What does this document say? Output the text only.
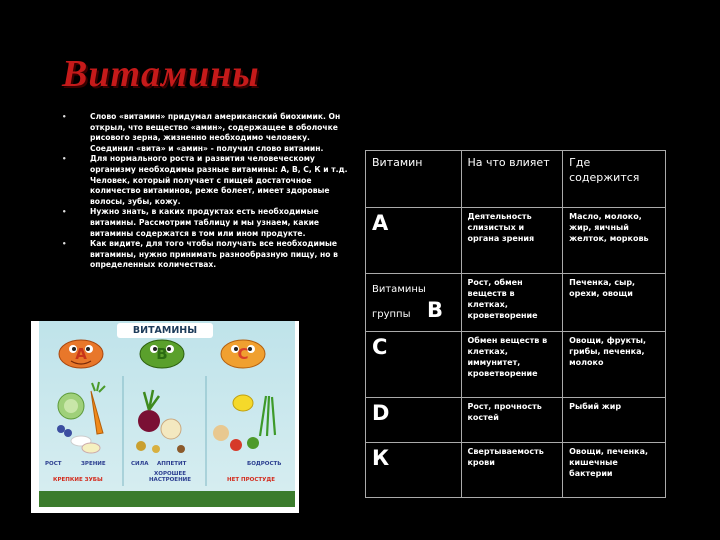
Витамины
•	Слово «витамин» придумал американский биохимик. Он открыл, что вещество «амин», содержащее в оболочке рисового зерна, жизненно необходимо человеку. Соединил «вита» и «амин» - получил слово витамин.
•	Для нормального роста и развития человеческому организму необходимы разные витамины: А, В, С, К и т.д. Человек, который получает с пищей достаточное количество витаминов, реже болеет, имеет здоровые волосы, зубы, кожу.
•	Нужно знать, в каких продуктах есть необходимые витамины. Рассмотрим таблицу и мы узнаем, какие витамины содержатся в том или ином продукте.
•	Как видите, для того чтобы получать все необходимые витамины, нужно принимать разнообразную пищу, но в определенных количествах.
ВИТАМИНЫ
A	B	C
РОСТ	ЗРЕНИЕ
КРЕПКИЕ ЗУБЫ
СИЛА АППЕТИТ
ХОРОШЕЕ НАСТРОЕНИЕ
БОДРОСТЬ
НЕТ ПРОСТУДЕ
Витамин	На что влияет	Где содержится
А	Деятельность слизистых и органа зрения	Масло, молоко, жир, яичный желток, морковь

Витамины группы В	Рост, обмен веществ в клетках, кроветворение	Печенка, сыр, орехи, овощи
С	Обмен веществ в клетках, иммунитет, кроветворение	Овощи, фрукты, грибы, печенка, молоко
D	Рост, прочность костей	Рыбий жир
К	Свертываемость крови	Овощи, печенка, кишечные бактерии
